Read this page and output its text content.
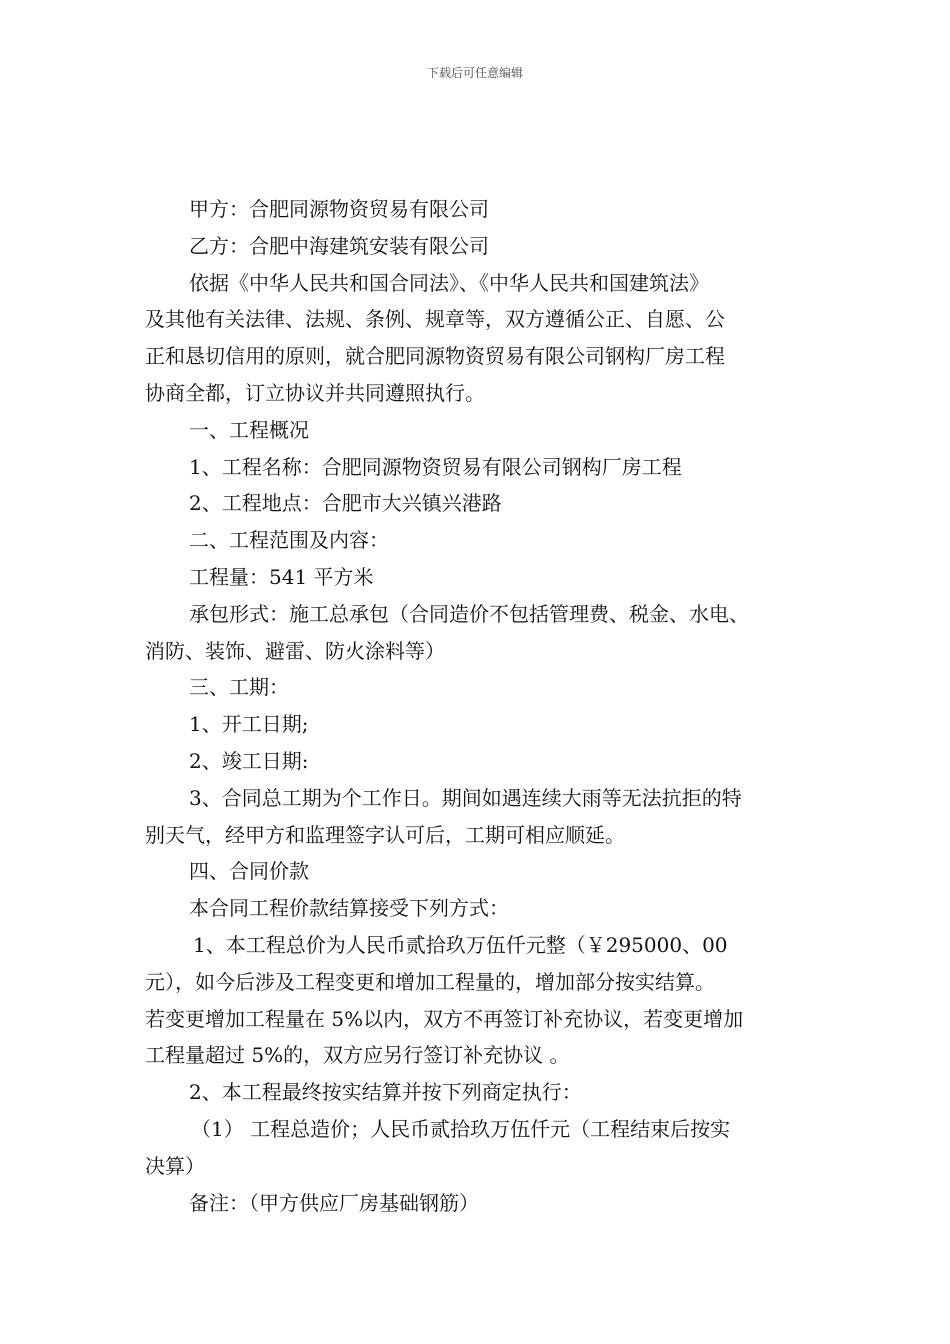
下载后可任意编辑
甲方：合肥同源物资贸易有限公司
乙方：合肥中海建筑安装有限公司
依据《中华人民共和国合同法》、《中华人民共和国建筑法》
及其他有关法律、法规、条例、规章等，双方遵循公正、自愿、公
正和恳切信用的原则，就合肥同源物资贸易有限公司钢构厂房工程
协商全都，订立协议并共同遵照执行。
一、工程概况
1、工程名称：合肥同源物资贸易有限公司钢构厂房工程
2、工程地点：合肥市大兴镇兴港路
二、工程范围及内容：
工程量：541 平方米
承包形式：施工总承包（合同造价不包括管理费、税金、水电、
消防、装饰、避雷、防火涂料等）
三、工期：
1、开工日期;
2、竣工日期:
3、合同总工期为个工作日。期间如遇连续大雨等无法抗拒的特
别天气，经甲方和监理签字认可后，工期可相应顺延。
四、合同价款
本合同工程价款结算接受下列方式：
1、本工程总价为人民币贰拾玖万伍仟元整（￥295000、00
元），如今后涉及工程变更和增加工程量的，增加部分按实结算。
若变更增加工程量在 5%以内，双方不再签订补充协议，若变更增加
工程量超过 5%的，双方应另行签订补充协议 。
2、本工程最终按实结算并按下列商定执行：
（1） 工程总造价；人民币贰拾玖万伍仟元（工程结束后按实
决算）
备注：（甲方供应厂房基础钢筋）
